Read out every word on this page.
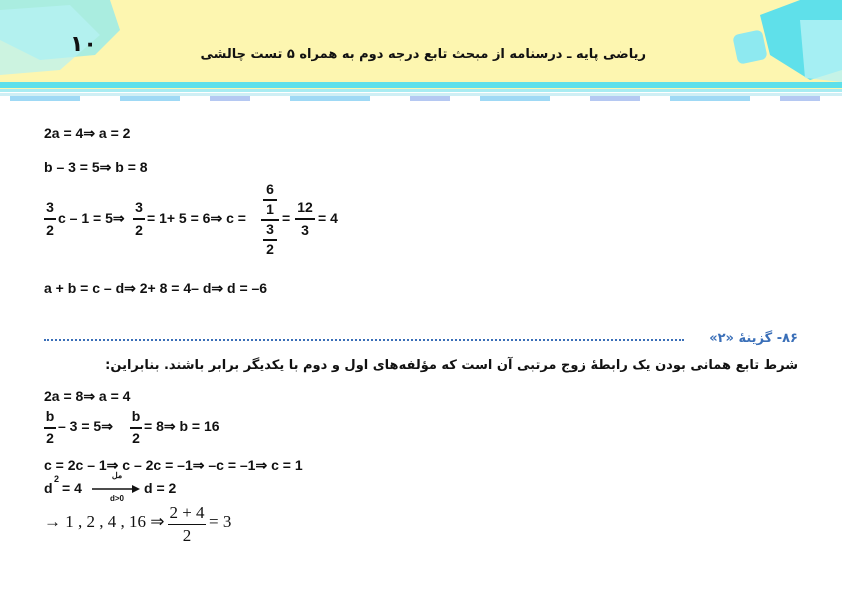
۱۰	ریاضی پایه ـ درسنامه از مبحث تابع درجه دوم به همراه ۵ تست چالشی
2a = 4⇒ a = 2
b – 3 = 5⇒ b = 8
3
2
c – 1 = 5⇒
3
2
= 1+ 5 = 6⇒ c =
6
1
3
2
=
12
3
= 4
a + b = c – d⇒ 2+ 8 = 4– d⇒ d = –6
۸۶- گزینهٔ «۲»
شرط تابع همانی بودن یک رابطهٔ زوج مرتبی آن است که مؤلفه‌های اول و دوم با یکدیگر برابر باشند. بنابراین:
2a = 8⇒ a = 4
b
2
– 3 = 5⇒
b
2
= 8⇒ b = 16
c = 2c – 1⇒ c – 2c = –1⇒ –c = –1⇒ c = 1
d
2
= 4
مل
d>0
d = 2
→ 1 , 2 , 4 , 16 ⇒ 2 + 4
2
= 3
